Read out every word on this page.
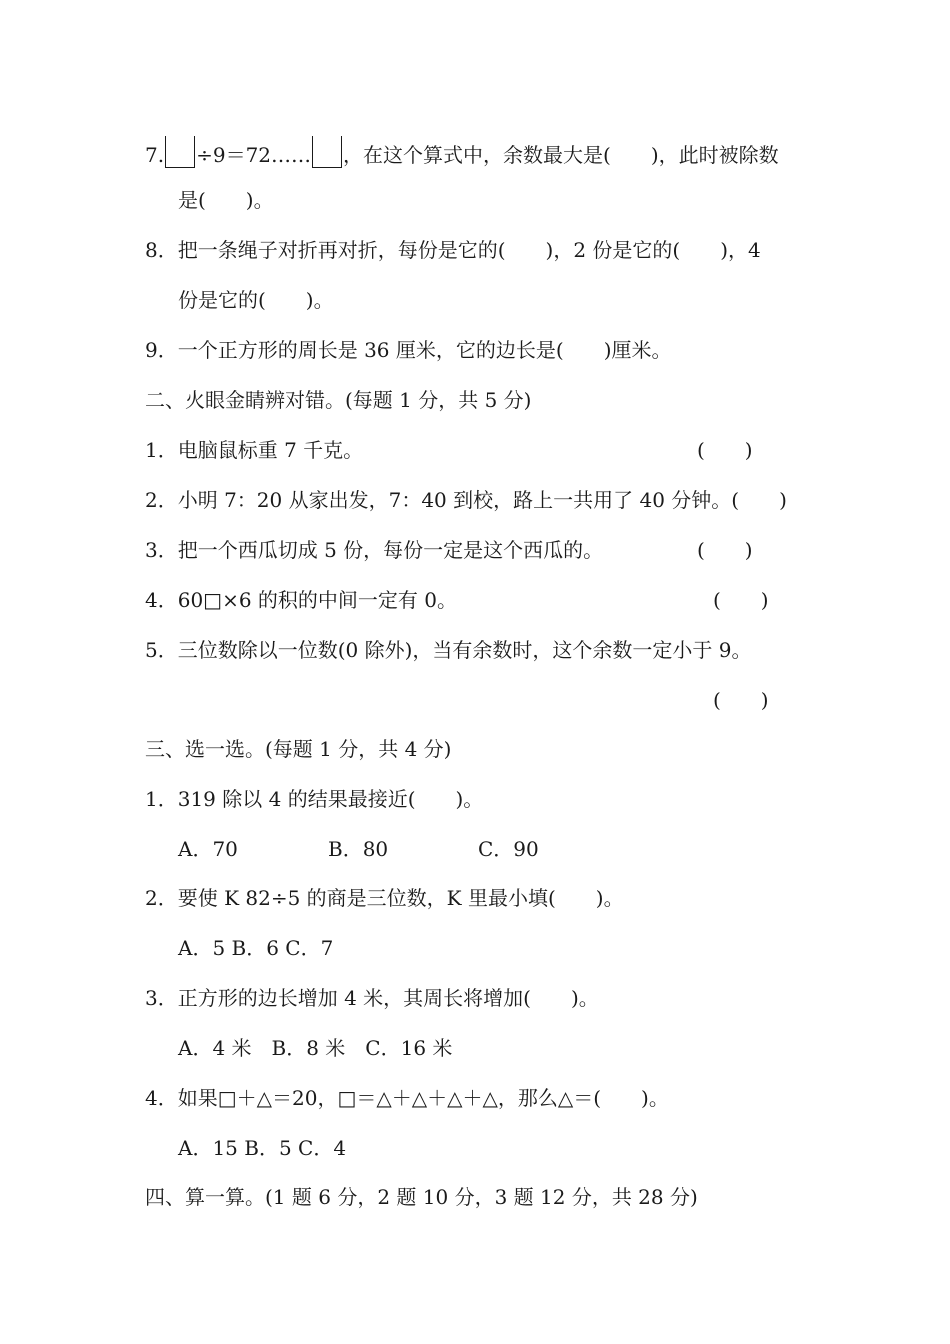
7. ÷9＝72…… ，在这个算式中，余数最大是(　　)，此时被除数
是(　　)。
8．把一条绳子对折再对折，每份是它的(　　)，2 份是它的(　　)，4
份是它的(　　)。
9．一个正方形的周长是 36 厘米，它的边长是(　　)厘米。
二、火眼金睛辨对错。(每题 1 分，共 5 分)
1．电脑鼠标重 7 千克。	(　　)
2．小明 7：20 从家出发，7：40 到校，路上一共用了 40 分钟。(　　)
3．把一个西瓜切成 5 份，每份一定是这个西瓜的。	(　　)
4．60□×6 的积的中间一定有 0。	(　　)
5．三位数除以一位数(0 除外)，当有余数时，这个余数一定小于 9。
(　　)
三、选一选。(每题 1 分，共 4 分)
1．319 除以 4 的结果最接近(　　)。
A．70	B．80	C．90
2．要使 K 82÷5 的商是三位数，K 里最小填(　　)。
A．5 B．6 C．7
3．正方形的边长增加 4 米，其周长将增加(　　)。
A．4 米　B．8 米　C．16 米
4．如果□＋△＝20，□＝△＋△＋△＋△，那么△＝(　　)。
A．15 B．5 C．4
四、算一算。(1 题 6 分，2 题 10 分，3 题 12 分，共 28 分)
